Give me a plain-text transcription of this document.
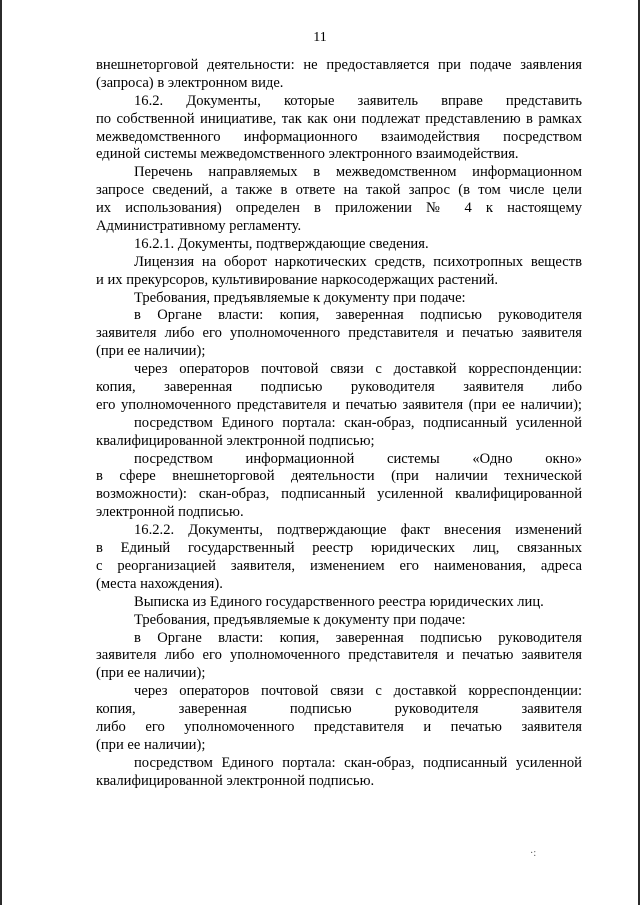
11
внешнеторговой деятельности: не предоставляется при подаче заявления
(запроса) в электронном виде.
16.2. Документы, которые заявитель вправе представить
по собственной инициативе, так как они подлежат представлению в рамках
межведомственного информационного взаимодействия посредством
единой системы межведомственного электронного взаимодействия.
Перечень направляемых в межведомственном информационном
запросе сведений, а также в ответе на такой запрос (в том числе цели
их использования) определен в приложении № 4 к настоящему
Административному регламенту.
16.2.1. Документы, подтверждающие сведения.
Лицензия на оборот наркотических средств, психотропных веществ
и их прекурсоров, культивирование наркосодержащих растений.
Требования, предъявляемые к документу при подаче:
в Органе власти: копия, заверенная подписью руководителя
заявителя либо его уполномоченного представителя и печатью заявителя
(при ее наличии);
через операторов почтовой связи с доставкой корреспонденции:
копия, заверенная подписью руководителя заявителя либо
его уполномоченного представителя и печатью заявителя (при ее наличии);
посредством Единого портала: скан-образ, подписанный усиленной
квалифицированной электронной подписью;
посредством информационной системы «Одно окно»
в сфере внешнеторговой деятельности (при наличии технической
возможности): скан-образ, подписанный усиленной квалифицированной
электронной подписью.
16.2.2. Документы, подтверждающие факт внесения изменений
в Единый государственный реестр юридических лиц, связанных
с реорганизацией заявителя, изменением его наименования, адреса
(места нахождения).
Выписка из Единого государственного реестра юридических лиц.
Требования, предъявляемые к документу при подаче:
в Органе власти: копия, заверенная подписью руководителя
заявителя либо его уполномоченного представителя и печатью заявителя
(при ее наличии);
через операторов почтовой связи с доставкой корреспонденции:
копия, заверенная подписью руководителя заявителя
либо его уполномоченного представителя и печатью заявителя
(при ее наличии);
посредством Единого портала: скан-образ, подписанный усиленной
квалифицированной электронной подписью.
·:
